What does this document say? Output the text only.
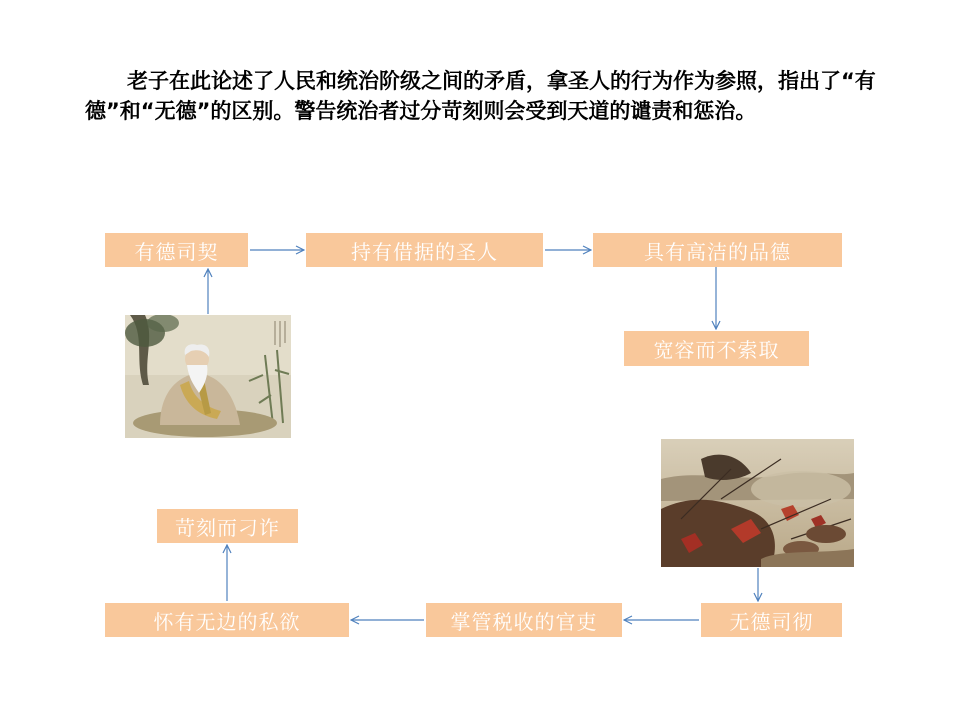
老子在此论述了人民和统治阶级之间的矛盾，拿圣人的行为作为参照，指出了“有德”和“无德”的区别。警告统治者过分苛刻则会受到天道的谴责和惩治。

有德司契	持有借据的圣人	具有高洁的品德
宽容而不索取
苛刻而刁诈
怀有无边的私欲	掌管税收的官吏	无德司彻
